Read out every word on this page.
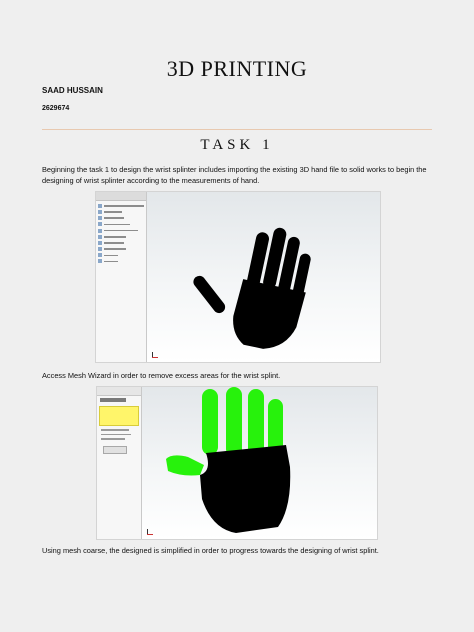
3D PRINTING
SAAD HUSSAIN
2629674
TASK 1
Beginning the task 1 to design the wrist splinter includes importing the existing 3D hand file to solid works to begin the designing of wrist splinter according to the measurements of hand.
Access Mesh Wizard in order to remove excess areas for the wrist splint.
Using mesh coarse, the designed is simplified in order to progress towards the designing of wrist splint.
